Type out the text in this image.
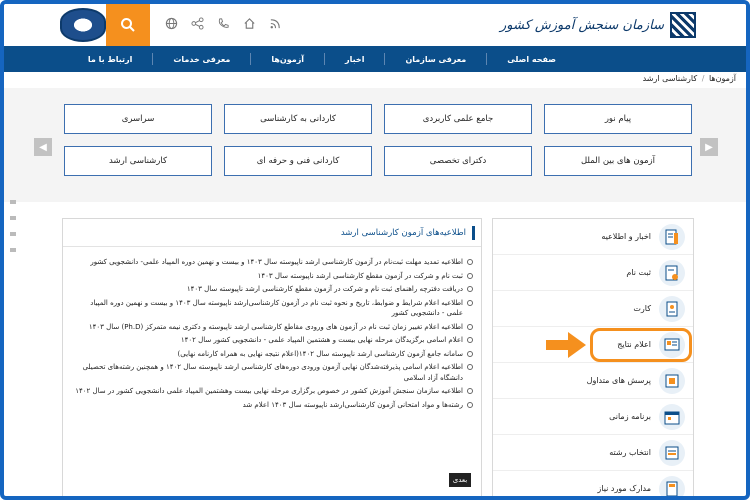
سازمان سنجش آموزش کشور
صفحه اصلی
معرفی سازمان
اخبار
آزمون‌ها
معرفی خدمات
ارتباط با ما
آزمون‌ها / کارشناسی ارشد
◀	▶
پیام نور
جامع علمی کاربردی
کاردانی به کارشناسی
سراسری
آزمون های بین الملل
دکترای تخصصی
کاردانی فنی و حرفه ای
کارشناسی ارشد
اطلاعیه‌های آزمون کارشناسی ارشد
اطلاعیه تمدید مهلت ثبت‌نام در آزمون کارشناسی ارشد ناپیوسته سال ۱۴۰۳ و بیست و نهمین دوره المپیاد علمی- دانشجویی کشور
ثبت نام و شرکت در آزمون مقطع کارشناسی ارشد ناپیوسته سال ۱۴۰۳
دریافت دفترچه راهنمای ثبت نام و شرکت در آزمون مقطع کارشناسی ارشد ناپیوسته سال ۱۴۰۳
اطلاعیه اعلام شرایط و ضوابط، تاریخ و نحوه ثبت نام در آزمون کارشناسی‌ارشد ناپیوسته سال ۱۴۰۳ و بیست و نهمین دوره المپیاد علمی - دانشجویی کشور
اطلاعیه اعلام تغییر زمان ثبت نام در آزمون های ورودی مقاطع کارشناسی ارشد ناپیوسته و دکتری نیمه متمرکز (Ph.D) سال ۱۴۰۳
اعلام اسامی برگزیدگان مرحله نهایی بیست و هشتمین المپیاد علمی - دانشجویی کشور سال ۱۴۰۲
سامانه جامع آزمون کارشناسی ارشد ناپیوسته سال ۱۴۰۲(اعلام نتیجه نهایی به همراه کارنامه نهایی)
اطلاعیه اعلام اسامی پذیرفته‌شدگان نهایی آزمون ورودی دوره‌های کارشناسی ارشد ناپیوسته سال ۱۴۰۲ و همچنین رشته‌های تحصیلی دانشگاه آزاد اسلامی
اطلاعیه سازمان سنجش آموزش کشور در خصوص برگزاری مرحله نهایی بیست وهشتمین المپیاد علمی دانشجویی کشور در سال ۱۴۰۲
رشته‌ها و مواد امتحانی آزمون کارشناسی‌ارشد ناپیوسته سال ۱۴۰۳ اعلام شد
بعدی
اخبار و اطلاعیه
ثبت نام
کارت
اعلام نتایج
پرسش های متداول
برنامه زمانی
انتخاب رشته
مدارک مورد نیاز
